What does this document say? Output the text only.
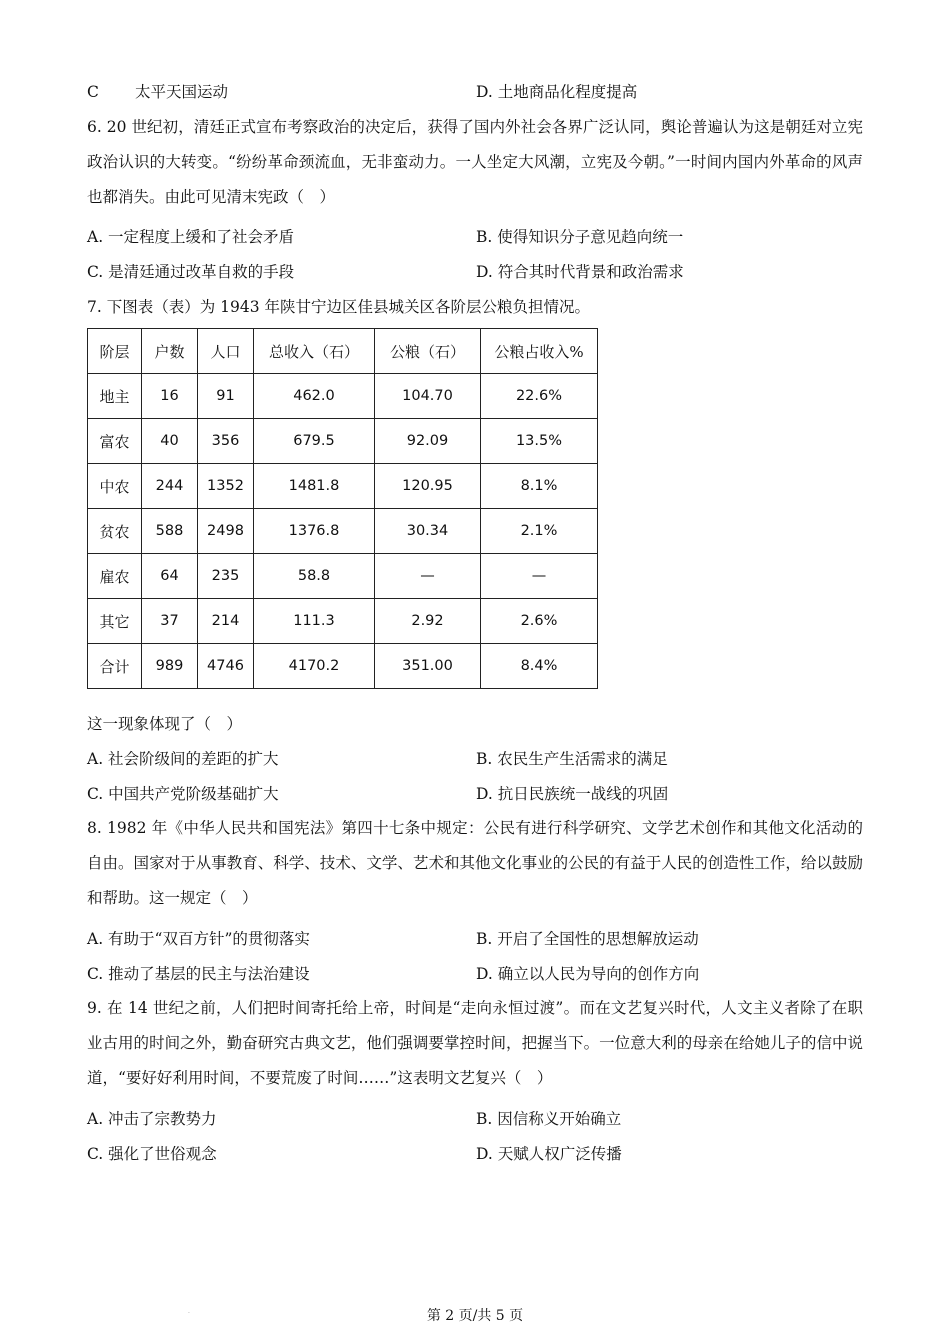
C 太平天国运动	D. 土地商品化程度提高
6. 20 世纪初，清廷正式宣布考察政治的决定后，获得了国内外社会各界广泛认同，舆论普遍认为这是朝廷对立宪政治认识的大转变。“纷纷革命颈流血，无非蛮动力。一人坐定大风潮，立宪及今朝。”一时间内国内外革命的风声也都消失。由此可见清末宪政（　）
A. 一定程度上缓和了社会矛盾	B. 使得知识分子意见趋向统一
C. 是清廷通过改革自救的手段	D. 符合其时代背景和政治需求
7. 下图表（表）为 1943 年陕甘宁边区佳县城关区各阶层公粮负担情况。
阶层	户数	人口	总收入（石）	公粮（石）	公粮占收入%
地主	16	91	462.0	104.70	22.6%
富农	40	356	679.5	92.09	13.5%
中农	244	1352	1481.8	120.95	8.1%
贫农	588	2498	1376.8	30.34	2.1%
雇农	64	235	58.8	—	—
其它	37	214	111.3	2.92	2.6%
合计	989	4746	4170.2	351.00	8.4%
这一现象体现了（　）
A. 社会阶级间的差距的扩大	B. 农民生产生活需求的满足
C. 中国共产党阶级基础扩大	D. 抗日民族统一战线的巩固
8. 1982 年《中华人民共和国宪法》第四十七条中规定：公民有进行科学研究、文学艺术创作和其他文化活动的自由。国家对于从事教育、科学、技术、文学、艺术和其他文化事业的公民的有益于人民的创造性工作，给以鼓励和帮助。这一规定（　）
A. 有助于“双百方针”的贯彻落实	B. 开启了全国性的思想解放运动
C. 推动了基层的民主与法治建设	D. 确立以人民为导向的创作方向
9. 在 14 世纪之前，人们把时间寄托给上帝，时间是“走向永恒过渡”。而在文艺复兴时代，人文主义者除了在职业古用的时间之外，勤奋研究古典文艺，他们强调要掌控时间，把握当下。一位意大利的母亲在给她儿子的信中说道，“要好好利用时间，不要荒废了时间……”这表明文艺复兴（　）
A. 冲击了宗教势力	B. 因信称义开始确立
C. 强化了世俗观念	D. 天赋人权广泛传播
·	第 2 页/共 5 页
